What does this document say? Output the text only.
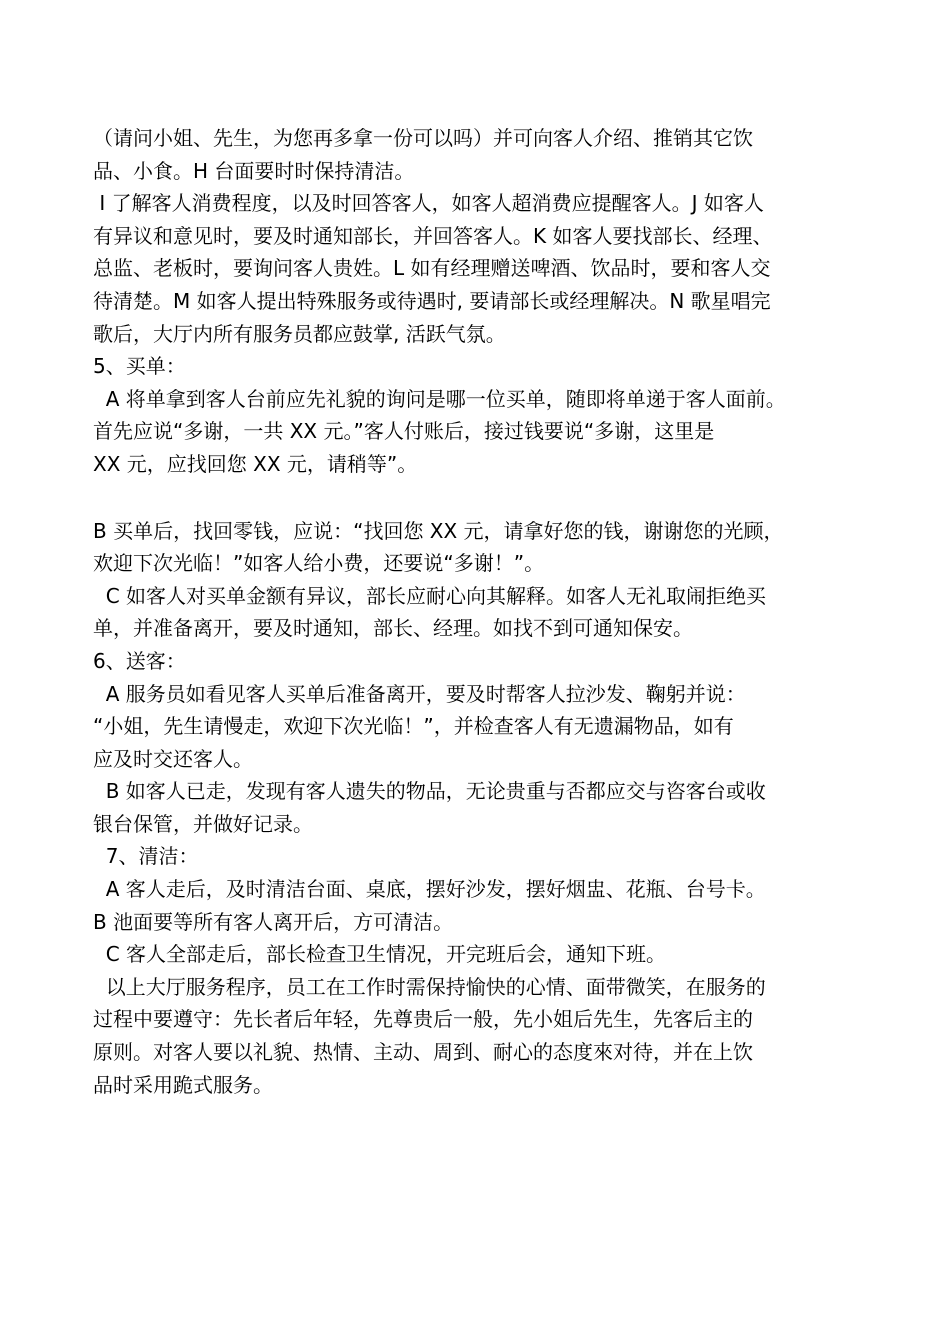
（请问小姐、先生，为您再多拿一份可以吗）并可向客人介绍、推销其它饮
品、小食。H 台面要时时保持清洁。
I 了解客人消费程度，以及时回答客人，如客人超消费应提醒客人。J 如客人
有异议和意见时，要及时通知部长，并回答客人。K 如客人要找部长、经理、
总监、老板时，要询问客人贵姓。L 如有经理赠送啤酒、饮品时，要和客人交
待清楚。M 如客人提出特殊服务或待遇时, 要请部长或经理解决。N 歌星唱完
歌后，大厅内所有服务员都应鼓掌, 活跃气氛。
5、买单：
A 将单拿到客人台前应先礼貌的询问是哪一位买单，随即将单递于客人面前。
首先应说“多谢，一共 XX 元。”客人付账后，接过钱要说“多谢，这里是
XX 元，应找回您 XX 元，请稍等”。
B 买单后，找回零钱，应说：“找回您 XX 元，请拿好您的钱，谢谢您的光顾，
欢迎下次光临！”如客人给小费，还要说“多谢！”。
C 如客人对买单金额有异议，部长应耐心向其解释。如客人无礼取闹拒绝买
单，并准备离开，要及时通知，部长、经理。如找不到可通知保安。
6、送客：
A 服务员如看见客人买单后准备离开，要及时帮客人拉沙发、鞠躬并说：
“小姐，先生请慢走，欢迎下次光临！”，并检查客人有无遗漏物品，如有
应及时交还客人。
B 如客人已走，发现有客人遗失的物品，无论贵重与否都应交与咨客台或收
银台保管，并做好记录。
7、清洁：
A 客人走后，及时清洁台面、桌底，摆好沙发，摆好烟盅、花瓶、台号卡。
B 池面要等所有客人离开后，方可清洁。
C 客人全部走后，部长检查卫生情况，开完班后会，通知下班。
以上大厅服务程序，员工在工作时需保持愉快的心情、面带微笑，在服务的
过程中要遵守：先长者后年轻，先尊贵后一般，先小姐后先生，先客后主的
原则。对客人要以礼貌、热情、主动、周到、耐心的态度來对待，并在上饮
品时采用跪式服务。
